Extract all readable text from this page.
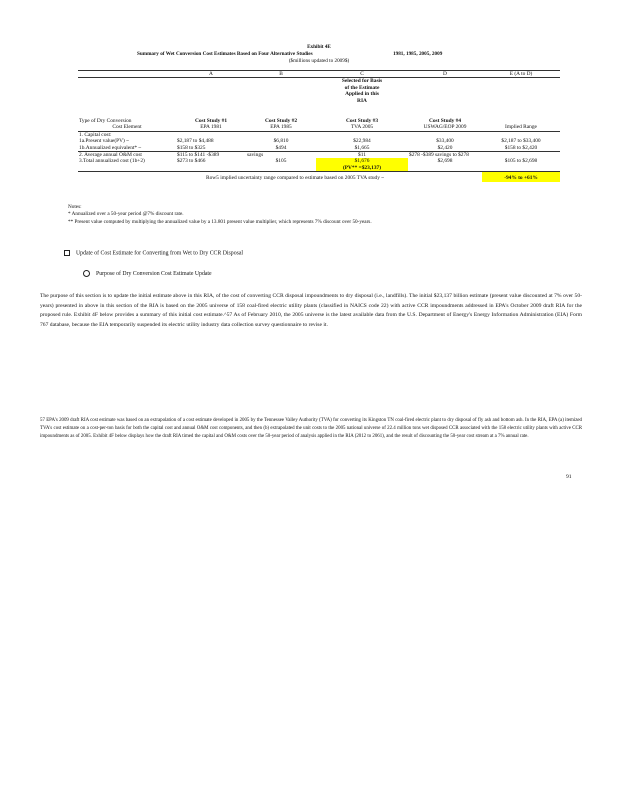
Exhibit 4E
Summary of Wet Conversion Cost Estimates Based on Four Alternative Studies	1981, 1985, 2005, 2009
($millions updated to 2009$)
	A	B	C	D	E (A to D)

			Selected for Basis
of the Estimate
Applied in this
RIA		

Type of Dry Conversion	Cost Study #1	Cost Study #2	Cost Study #3	Cost Study #4	
Cost Element	EPA 1981	EPA 1985	TVA 2005	USWAG/EOP 2009	Implied Range
1. Capital cost:					
1a.Present value(PV) ~	$2,187 to $4,488	$6,810	$22,984	$33,400	$2,187 to $33,400
1b.Annualized equivalent* ~	$158 to $325	$494	$1,665	$2,420	$158 to $2,420
2. Average annual O&M cost	$115 to $141 -$389	savings	$11	$278 -$389 savings to $278	
3.Total annualized cost (1b+2)	$273 to $466	$105	$1,676	$2,698	$105 to $2,698
			(PV** =$23,137)		
	Row5 implied uncertainty range compared to estimate based on 2005 TVA study ~				-94% to +61%
Notes:
* Annualized over a 50-year period @7% discount rate.
** Present value computed by multiplying the annualized value by a 13.801 present value multiplier, which represents 7% discount over 50-years.
Update of Cost Estimate for Converting from Wet to Dry CCR Disposal
Purpose of Dry Conversion Cost Estimate Update
The purpose of this section is to update the initial estimate above in this RIA, of the cost of converting CCR disposal impoundments to dry disposal (i.e., landfills). The initial $23,137 billion estimate (present value discounted at 7% over 50-years) presented in above in this section of the RIA is based on the 2005 universe of 158 coal-fired electric utility plants (classified in NAICS code 22) with active CCR impoundments addressed in EPA's October 2009 draft RIA for the proposed rule. Exhibit 4F below provides a summary of this initial cost estimate.^57 As of February 2010, the 2005 universe is the latest available data from the U.S. Department of Energy's Energy Information Administration (EIA) Form 767 database, because the EIA temporarily suspended its electric utility industry data collection survey questionnaire to revise it.
57 EPA's 2009 draft RIA cost estimate was based on an extrapolation of a cost estimate developed in 2005 by the Tennessee Valley Authority (TVA) for converting its Kingston TN coal-fired electric plant to dry disposal of fly ash and bottom ash. In the RIA, EPA (a) itemized TVA's cost estimate on a cost-per-ton basis for both the capital cost and annual O&M cost components, and then (b) extrapolated the unit costs to the 2005 national universe of 22.4 million tons wet disposed CCR associated with the 158 electric utility plants with active CCR impoundments as of 2005. Exhibit 4F below displays how the draft RIA timed the capital and O&M costs over the 50-year period of analysis applied in the RIA (2012 to 2061), and the result of discounting the 50-year cost stream at a 7% annual rate.
91
